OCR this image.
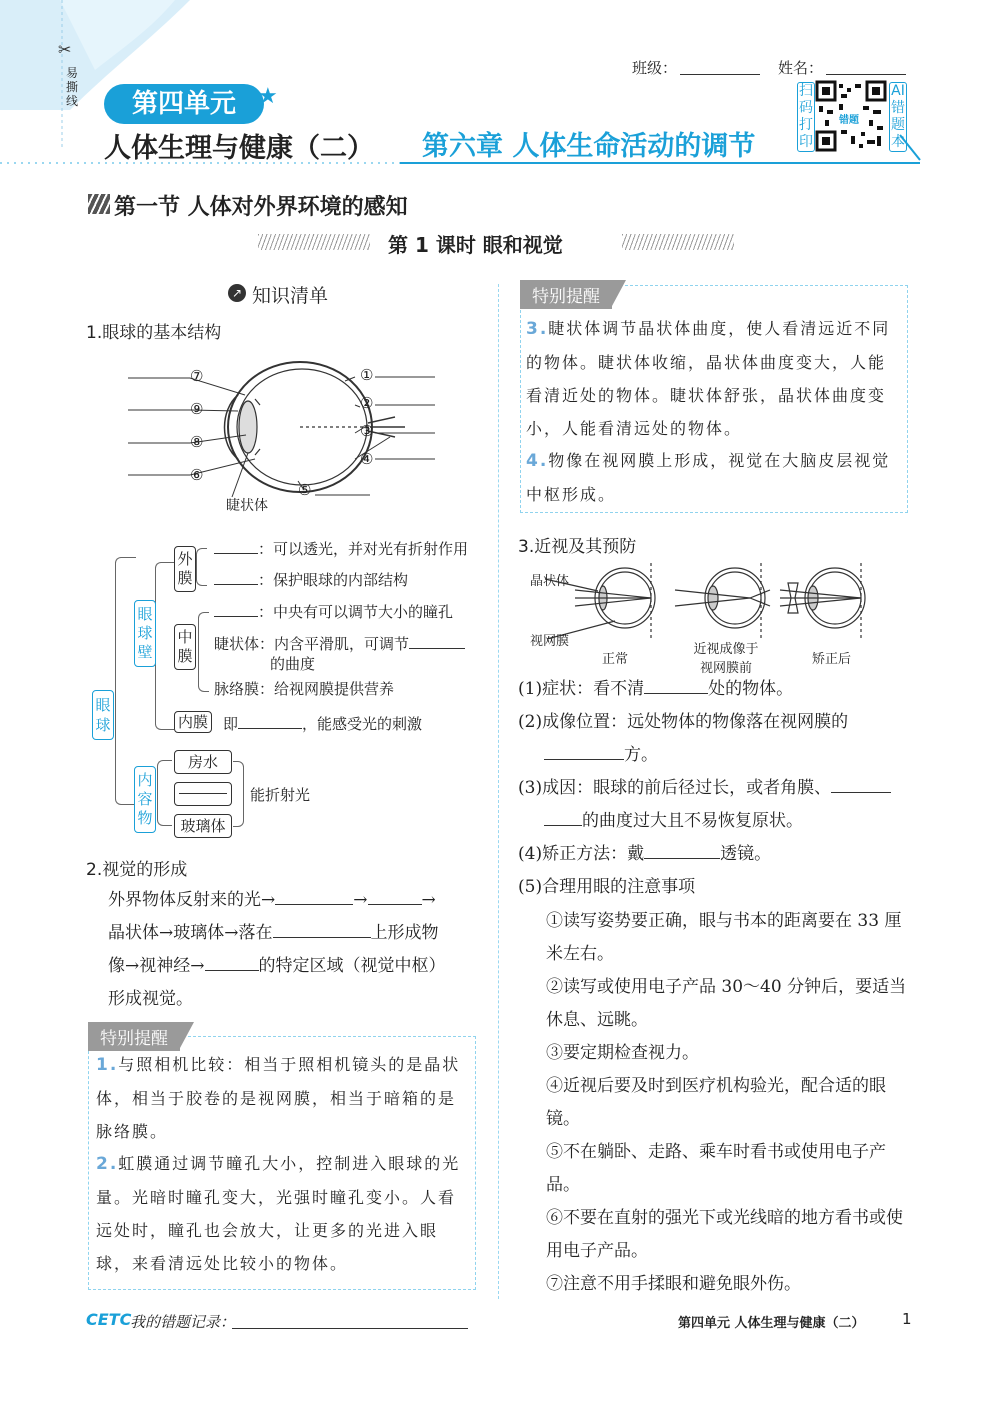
✂
易撕线	第四单元	★
人体生理与健康（二） 第六章 人体生命活动的调节
班级：	姓名：
扫码打印
错题
AI错题本
第一节 人体对外界环境的感知
第 1 课时 眼和视觉
↗ 知识清单
1.眼球的基本结构
⑦
⑨
⑧
⑥
①
②
③
④
⑤
睫状体
眼球
眼球壁
外膜
：可以透光，并对光有折射作用
：保护眼球的内部结构
中膜
：中央有可以调节大小的瞳孔
睫状体：内含平滑肌，可调节
的曲度
脉络膜：给视网膜提供营养
内膜 即	，能感受光的刺激
内容物
房水
玻璃体
能折射光
2.视觉的形成
外界物体反射来的光→	→	→
晶状体→玻璃体→落在	上形成物
像→视神经→	的特定区域（视觉中枢）
形成视觉。
特别提醒
1.与照相机比较：相当于照相机镜头的是晶状体，相当于胶卷的是视网膜，相当于暗箱的是脉络膜。
2.虹膜通过调节瞳孔大小，控制进入眼球的光量。光暗时瞳孔变大，光强时瞳孔变小。人看远处时，瞳孔也会放大，让更多的光进入眼球，来看清远处比较小的物体。
特别提醒
3.睫状体调节晶状体曲度，使人看清远近不同的物体。睫状体收缩，晶状体曲度变大，人能看清近处的物体。睫状体舒张，晶状体曲度变小，人能看清远处的物体。
4.物像在视网膜上形成，视觉在大脑皮层视觉中枢形成。
3.近视及其预防
晶状体
视网膜
正常
近视成像于
视网膜前
矫正后
(1)症状：看不清	处的物体。
(2)成像位置：远处物体的物像落在视网膜的
方。
(3)成因：眼球的前后径过长，或者角膜、
的曲度过大且不易恢复原状。
(4)矫正方法：戴	透镜。
(5)合理用眼的注意事项
①读写姿势要正确，眼与书本的距离要在 33 厘米左右。
②读写或使用电子产品 30～40 分钟后，要适当休息、远眺。
③要定期检查视力。
④近视后要及时到医疗机构验光，配合适的眼镜。
⑤不在躺卧、走路、乘车时看书或使用电子产品。
⑥不要在直射的强光下或光线暗的地方看书或使用电子产品。
⑦注意不用手揉眼和避免眼外伤。
CETC
我的错题记录：	第四单元 人体生理与健康（二） 1
